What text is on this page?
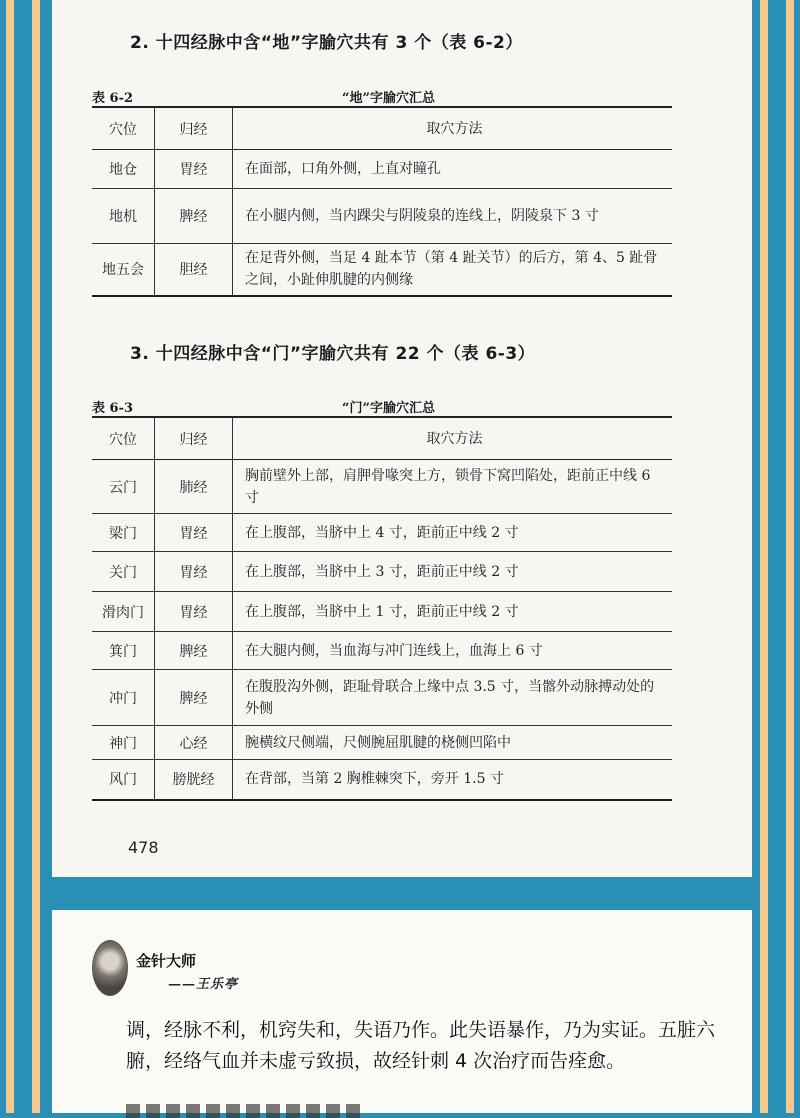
2. 十四经脉中含“地”字腧穴共有 3 个（表 6-2）
表 6-2	“地”字腧穴汇总
穴位	归经	取穴方法
地仓	胃经	在面部，口角外侧，上直对瞳孔
地机	脾经	在小腿内侧，当内踝尖与阴陵泉的连线上，阴陵泉下 3 寸
地五会	胆经	在足背外侧，当足 4 趾本节（第 4 趾关节）的后方，第 4、5 趾骨之间，小趾伸肌腱的内侧缘
3. 十四经脉中含“门”字腧穴共有 22 个（表 6-3）
表 6-3	“门”字腧穴汇总
穴位	归经	取穴方法
云门	肺经	胸前壁外上部，肩胛骨喙突上方，锁骨下窝凹陷处，距前正中线 6 寸
梁门	胃经	在上腹部，当脐中上 4 寸，距前正中线 2 寸
关门	胃经	在上腹部，当脐中上 3 寸，距前正中线 2 寸
滑肉门	胃经	在上腹部，当脐中上 1 寸，距前正中线 2 寸
箕门	脾经	在大腿内侧，当血海与冲门连线上，血海上 6 寸
冲门	脾经	在腹股沟外侧，距耻骨联合上缘中点 3.5 寸，当髂外动脉搏动处的外侧
神门	心经	腕横纹尺侧端，尺侧腕屈肌腱的桡侧凹陷中
风门	膀胱经	在背部，当第 2 胸椎棘突下，旁开 1.5 寸
478
金针大师
——王乐亭
调，经脉不利，机窍失和，失语乃作。此失语暴作，乃为实证。五脏六腑，经络气血并未虚亏致损，故经针刺 4 次治疗而告痊愈。
